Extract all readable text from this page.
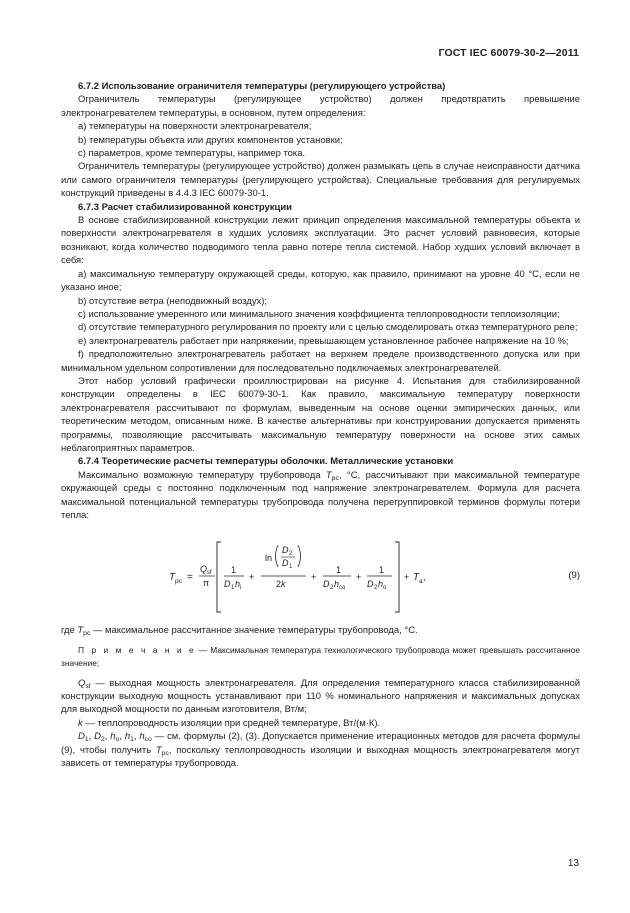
ГОСТ IEC 60079-30-2—2011

6.7.2 Использование ограничителя температуры (регулирующего устройства)

Ограничитель температуры (регулирующее устройство) должен предотвратить превышение электронагревателем температуры, в основном, путем определения:

a) температуры на поверхности электронагревателя;

b) температуры объекта или других компонентов установки;

c) параметров, кроме температуры, например тока.

Ограничитель температуры (регулирующее устройство) должен размыкать цепь в случае неисправности датчика или самого ограничителя температуры (регулирующего устройства). Специальные требования для регулируемых конструкций приведены в 4.4.3 IEC 60079-30-1.

6.7.3 Расчет стабилизированной конструкции

В основе стабилизированной конструкции лежит принцип определения максимальной температуры объекта и поверхности электронагревателя в худших условиях эксплуатации. Это расчет условий равновесия, которые возникают, когда количество подводимого тепла равно потере тепла системой. Набор худших условий включает в себя:

a) максимальную температуру окружающей среды, которую, как правило, принимают на уровне 40 °C, если не указано иное;

b) отсутствие ветра (неподвижный воздух);

c) использование умеренного или минимального значения коэффициента теплопроводности теплоизоляции;

d) отсутствие температурного регулирования по проекту или с целью смоделировать отказ температурного реле;

e) электронагреватель работает при напряжении, превышающем установленное рабочее напряжение на 10 %;

f) предположительно электронагреватель работает на верхнем пределе производственного допуска или при минимальном удельном сопротивлении для последовательно подключаемых электронагревателей.

Этот набор условий графически проиллюстрирован на рисунке 4. Испытания для стабилизированной конструкции определены в IEC 60079-30-1. Как правило, максимальную температуру поверхности электронагревателя рассчитывают по формулам, выведенным на основе оценки эмпирических данных, или теоретическим методом, описанным ниже. В качестве альтернативы при конструировании допускается применять программы, позволяющие рассчитывать максимальную температуру поверхности на основе этих самых неблагоприятных параметров.

6.7.4 Теоретические расчеты температуры оболочки. Металлические установки

Максимально возможную температуру трубопровода $T_{pc}$, °C, рассчитывают при максимальной температуре окружающей среды с постоянно подключенным под напряжение электронагревателем. Формула для расчета максимальной потенциальной температуры трубопровода получена перегруппировкой терминов формулы потери тепла:

T pc =
Q sf
π
1
D 1 h i
+
ln
D 2
D 1
2k
+
1
D 2 h co
+
1
D 2 h o
+ T a ,	(9)

где $T_{pc}$ — максимальное рассчитанное значение температуры трубопровода, °C.

П р и м е ч а н и е — Максимальная температура технологического трубопровода может превышать рассчитанное значение;

$Q_{sf}$ — выходная мощность электронагревателя. Для определения температурного класса стабилизированной конструкции выходную мощность устанавливают при 110 % номинального напряжения и максимальных допусках для выходной мощности по данным изготовителя, Вт/м;

k — теплопроводность изоляции при средней температуре, Вт/(м·К).

$D_1$, $D_2$, $h_o$, $h_1$, $h_{co}$ — см. формулы (2), (3). Допускается применение итерационных методов для расчета формулы (9), чтобы получить $T_{pc}$, поскольку теплопроводность изоляции и выходная мощность электронагревателя могут зависеть от температуры трубопровода.

13
